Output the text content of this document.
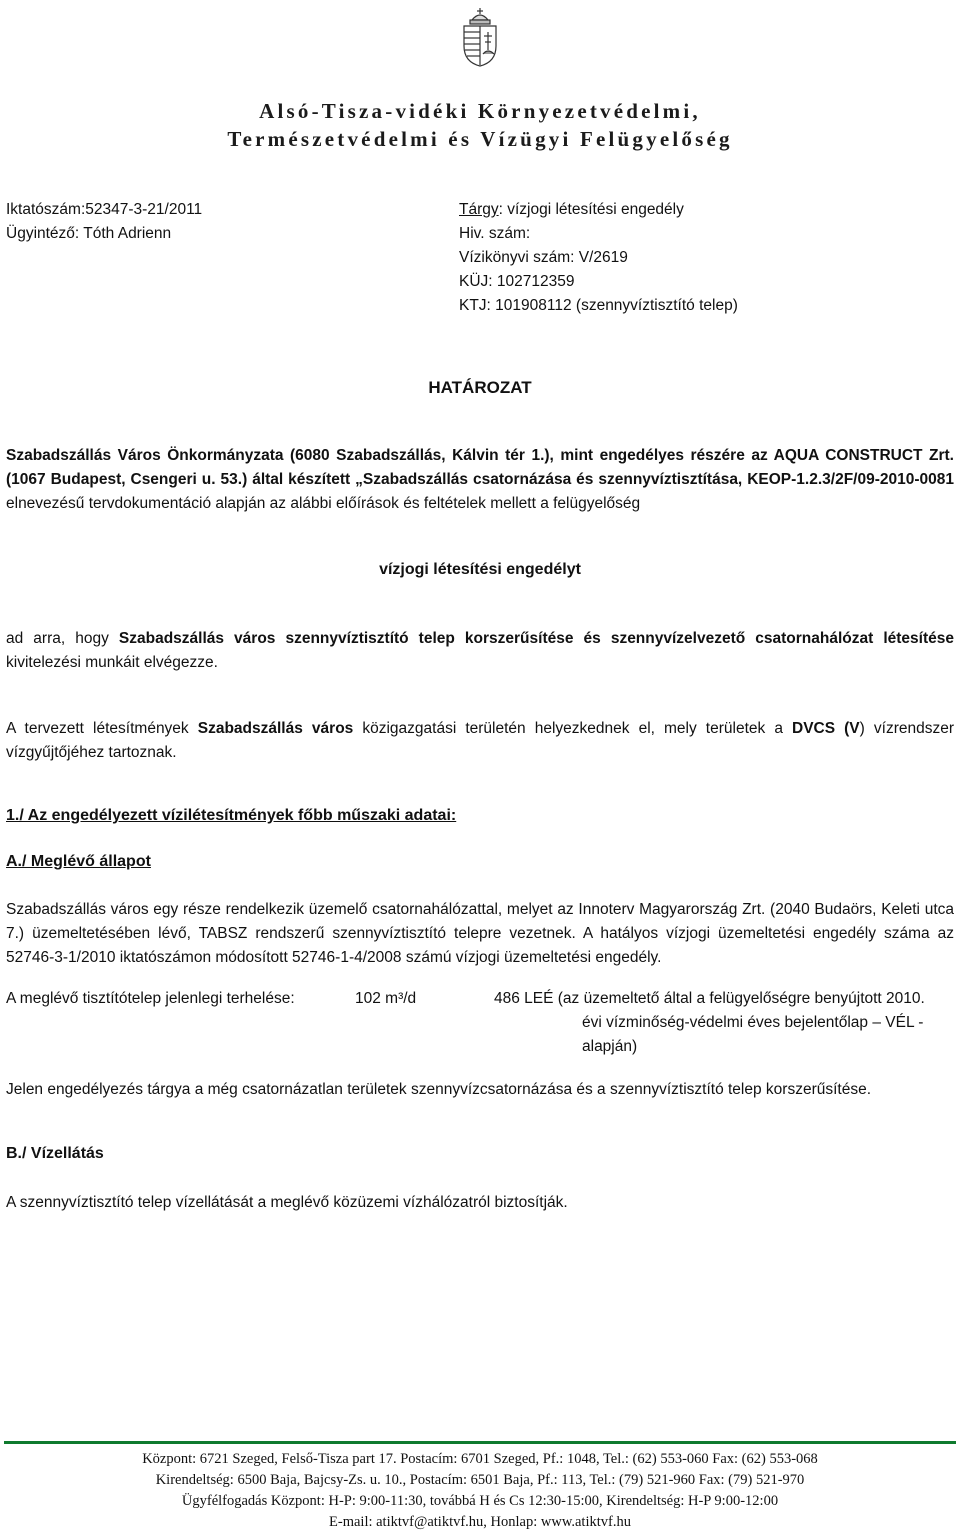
Alsó-Tisza-vidéki Környezetvédelmi,
Természetvédelmi és Vízügyi Felügyelőség
Iktatószám:52347-3-21/2011
Ügyintéző: Tóth Adrienn
Tárgy: vízjogi létesítési engedély
Hiv. szám:
Vízikönyvi szám: V/2619
KÜJ: 102712359
KTJ: 101908112 (szennyvíztisztító telep)

HATÁROZAT

Szabadszállás Város Önkormányzata (6080 Szabadszállás, Kálvin tér 1.), mint engedélyes részére az AQUA CONSTRUCT Zrt. (1067 Budapest, Csengeri u. 53.) által készített „Szabadszállás csatornázása és szennyvíztisztítása, KEOP-1.2.3/2F/09-2010-0081 elnevezésű tervdokumentáció alapján az alábbi előírások és feltételek mellett a felügyelőség

vízjogi létesítési engedélyt

ad arra, hogy Szabadszállás város szennyvíztisztító telep korszerűsítése és szennyvízelvezető csatornahálózat létesítése kivitelezési munkáit elvégezze.

A tervezett létesítmények Szabadszállás város közigazgatási területén helyezkednek el, mely területek a DVCS (V) vízrendszer vízgyűjtőjéhez tartoznak.

1./ Az engedélyezett vízilétesítmények főbb műszaki adatai:

A./ Meglévő állapot

Szabadszállás város egy része rendelkezik üzemelő csatornahálózattal, melyet az Innoterv Magyarország Zrt. (2040 Budaörs, Keleti utca 7.) üzemeltetésében lévő, TABSZ rendszerű szennyvíztisztító telepre vezetnek. A hatályos vízjogi üzemeltetési engedély száma az 52746-3-1/2010 iktatószámon módosított 52746-1-4/2008 számú vízjogi üzemeltetési engedély.

A meglévő tisztítótelep jelenlegi terhelése:	102 m³/d	486 LEÉ (az üzemeltető által a felügyelőségre benyújtott 2010.
évi vízminőség-védelmi éves bejelentőlap – VÉL - alapján)

Jelen engedélyezés tárgya a még csatornázatlan területek szennyvízcsatornázása és a szennyvíztisztító telep korszerűsítése.

B./ Vízellátás

A szennyvíztisztító telep vízellátását a meglévő közüzemi vízhálózatról biztosítják.

Központ: 6721 Szeged, Felső-Tisza part 17. Postacím: 6701 Szeged, Pf.: 1048, Tel.: (62) 553-060 Fax: (62) 553-068
Kirendeltség: 6500 Baja, Bajcsy-Zs. u. 10., Postacím: 6501 Baja, Pf.: 113, Tel.: (79) 521-960 Fax: (79) 521-970
Ügyfélfogadás Központ: H-P: 9:00-11:30, továbbá H és Cs 12:30-15:00, Kirendeltség: H-P 9:00-12:00
E-mail: atiktvf@atiktvf.hu, Honlap: www.atiktvf.hu
